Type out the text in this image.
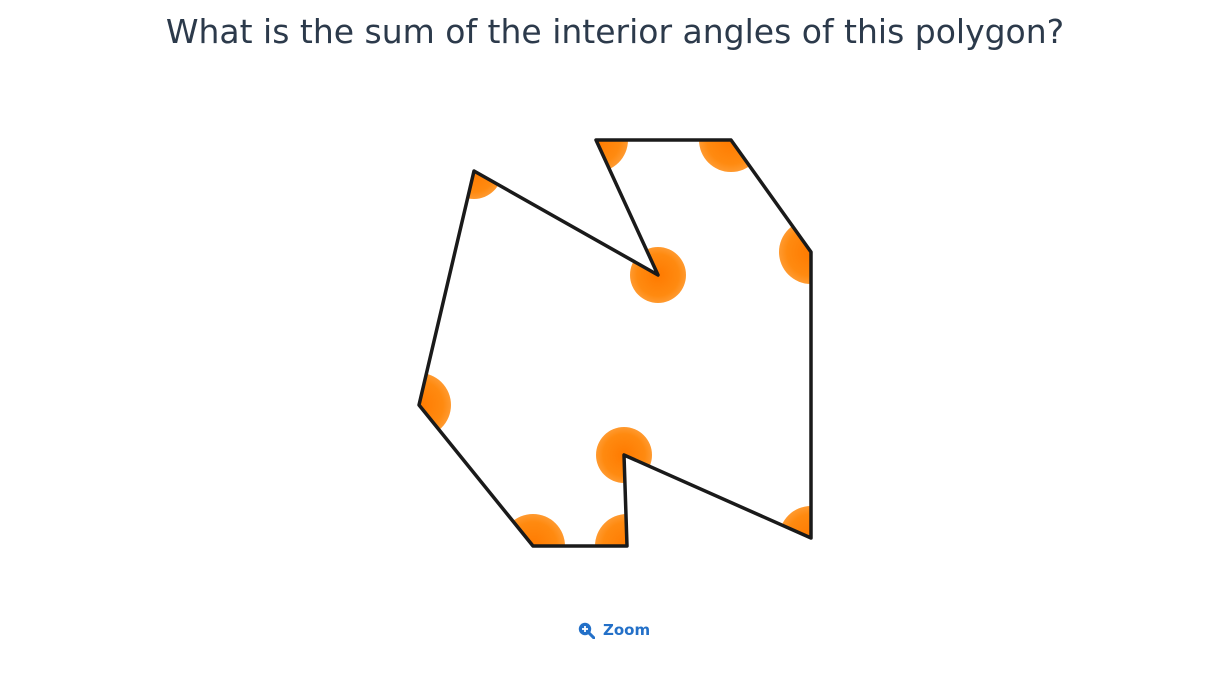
What is the sum of the interior angles of this polygon?
Zoom
